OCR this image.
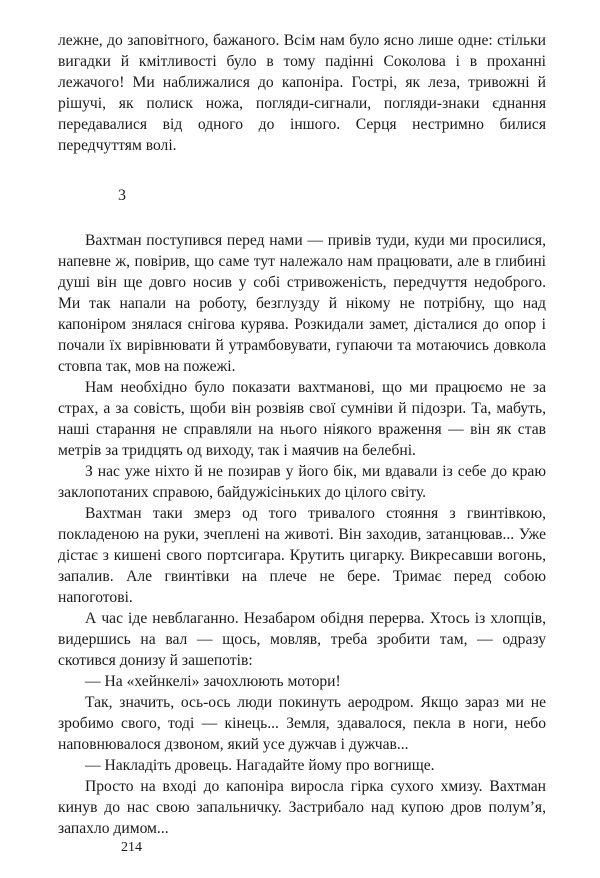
лежне, до заповітного, бажаного. Всім нам було ясно лише одне: стільки вигадки й кмітливості було в тому падінні Соколова і в проханні лежачого! Ми наближалися до капоніра. Гострі, як леза, тривожні й рішучі, як полиск ножа, погляди-сигнали, погляди-знаки єднання передавалися від одного до іншого. Серця нестримно билися передчуттям волі.

3

Вахтман поступився перед нами — привів туди, куди ми просилися, напевне ж, повірив, що саме тут належало нам працювати, але в глибині душі він ще довго носив у собі стривоженість, передчуття недоброго. Ми так напали на роботу, безглузду й нікому не потрібну, що над капоніром знялася снігова курява. Розкидали замет, дісталися до опор і почали їх вирівнювати й утрамбовувати, гупаючи та мотаючись довкола стовпа так, мов на пожежі.

Нам необхідно було показати вахтманові, що ми працюємо не за страх, а за совість, щоби він розвіяв свої сумніви й підозри. Та, мабуть, наші старання не справляли на нього ніякого враження — він як став метрів за тридцять од виходу, так і маячив на белебні.

З нас уже ніхто й не позирав у його бік, ми вдавали із себе до краю заклопотаних справою, байдужісіньких до цілого світу.

Вахтман таки змерз од того тривалого стояння з гвинтівкою, покладеною на руки, зчеплені на животі. Він заходив, затанцював... Уже дістає з кишені свого портсигара. Крутить цигарку. Викресавши вогонь, запалив. Але гвинтівки на плече не бере. Тримає перед собою напоготові.

А час іде невблаганно. Незабаром обідня перерва. Хтось із хлопців, видершись на вал — щось, мовляв, треба зробити там, — одразу скотився донизу й зашепотів:

— На «хейнкелі» зачохлюють мотори!

Так, значить, ось-ось люди покинуть аеродром. Якщо зараз ми не зробимо свого, тоді — кінець... Земля, здавалося, пекла в ноги, небо наповнювалося дзвоном, який усе дужчав і дужчав...

— Накладіть дровець. Нагадайте йому про вогнище.

Просто на вході до капоніра виросла гірка сухого хмизу. Вахтман кинув до нас свою запальничку. Застрибало над купою дров полум’я, запахло димом...

214
